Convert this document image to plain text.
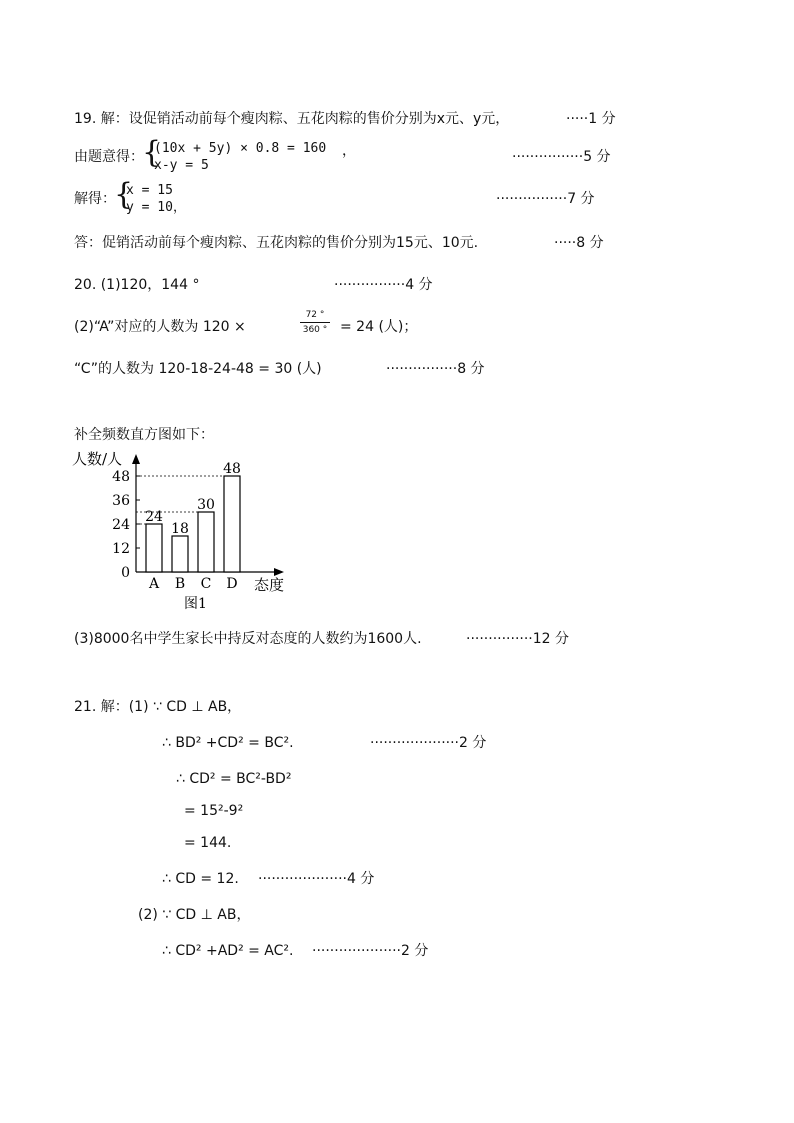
19. 解：设促销活动前每个瘦肉粽、五花肉粽的售价分别为x元、y元，	·····1 分
由题意得：
{
(10x + 5y) × 0.8 = 160
x-y = 5
，	················5 分
解得：
{
x = 15
y = 10，
················7 分
答：促销活动前每个瘦肉粽、五花肉粽的售价分别为15元、10元.	·····8 分
20. (1)120，144 °	················4 分
(2)“A”对应的人数为 120 ×
72 °
360 ° = 24 (人)；
“C”的人数为 120-18-24-48 = 30 (人)	················8 分
补全频数直方图如下：
0
12
24
36
48
人数/人
态度
24
A
18
B
30
C
48
D
图1
(3)8000名中学生家长中持反对态度的人数约为1600人.	···············12 分
21. 解：(1) ∵ CD ⊥ AB，
∴ BD² +CD² = BC².	····················2 分
∴ CD² = BC²-BD²
= 15²-9²
= 144.
∴ CD = 12. ····················4 分
(2) ∵ CD ⊥ AB，
∴ CD² +AD² = AC². ····················2 分
